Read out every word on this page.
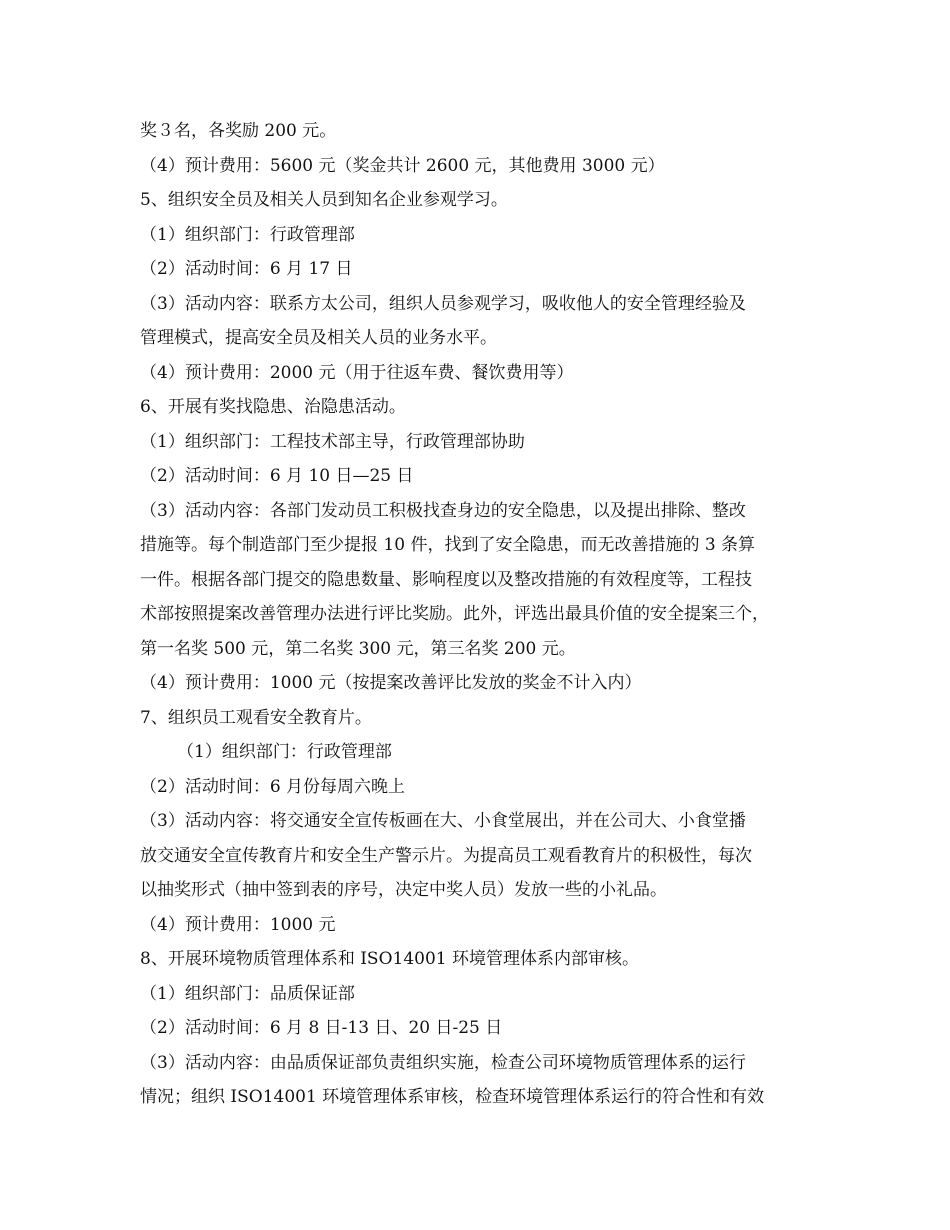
奖３名，各奖励 200 元。

（4）预计费用：5600 元（奖金共计 2600 元，其他费用 3000 元）

5、组织安全员及相关人员到知名企业参观学习。

（1）组织部门：行政管理部

（2）活动时间：6 月 17 日

（3）活动内容：联系方太公司，组织人员参观学习，吸收他人的安全管理经验及

管理模式，提高安全员及相关人员的业务水平。

（4）预计费用：2000 元（用于往返车费、餐饮费用等）

6、开展有奖找隐患、治隐患活动。

（1）组织部门：工程技术部主导，行政管理部协助

（2）活动时间：6 月 10 日—25 日

（3）活动内容：各部门发动员工积极找查身边的安全隐患，以及提出排除、整改

措施等。每个制造部门至少提报 10 件，找到了安全隐患，而无改善措施的 3 条算

一件。根据各部门提交的隐患数量、影响程度以及整改措施的有效程度等，工程技

术部按照提案改善管理办法进行评比奖励。此外，评选出最具价值的安全提案三个，

第一名奖 500 元，第二名奖 300 元，第三名奖 200 元。

（4）预计费用：1000 元（按提案改善评比发放的奖金不计入内）

7、组织员工观看安全教育片。

（1）组织部门：行政管理部

（2）活动时间：6 月份每周六晚上

（3）活动内容：将交通安全宣传板画在大、小食堂展出，并在公司大、小食堂播

放交通安全宣传教育片和安全生产警示片。为提高员工观看教育片的积极性，每次

以抽奖形式（抽中签到表的序号，决定中奖人员）发放一些的小礼品。

（4）预计费用：1000 元

8、开展环境物质管理体系和 ISO14001 环境管理体系内部审核。

（1）组织部门：品质保证部

（2）活动时间：6 月 8 日-13 日、20 日-25 日

（3）活动内容：由品质保证部负责组织实施，检查公司环境物质管理体系的运行

情况；组织 ISO14001 环境管理体系审核，检查环境管理体系运行的符合性和有效
